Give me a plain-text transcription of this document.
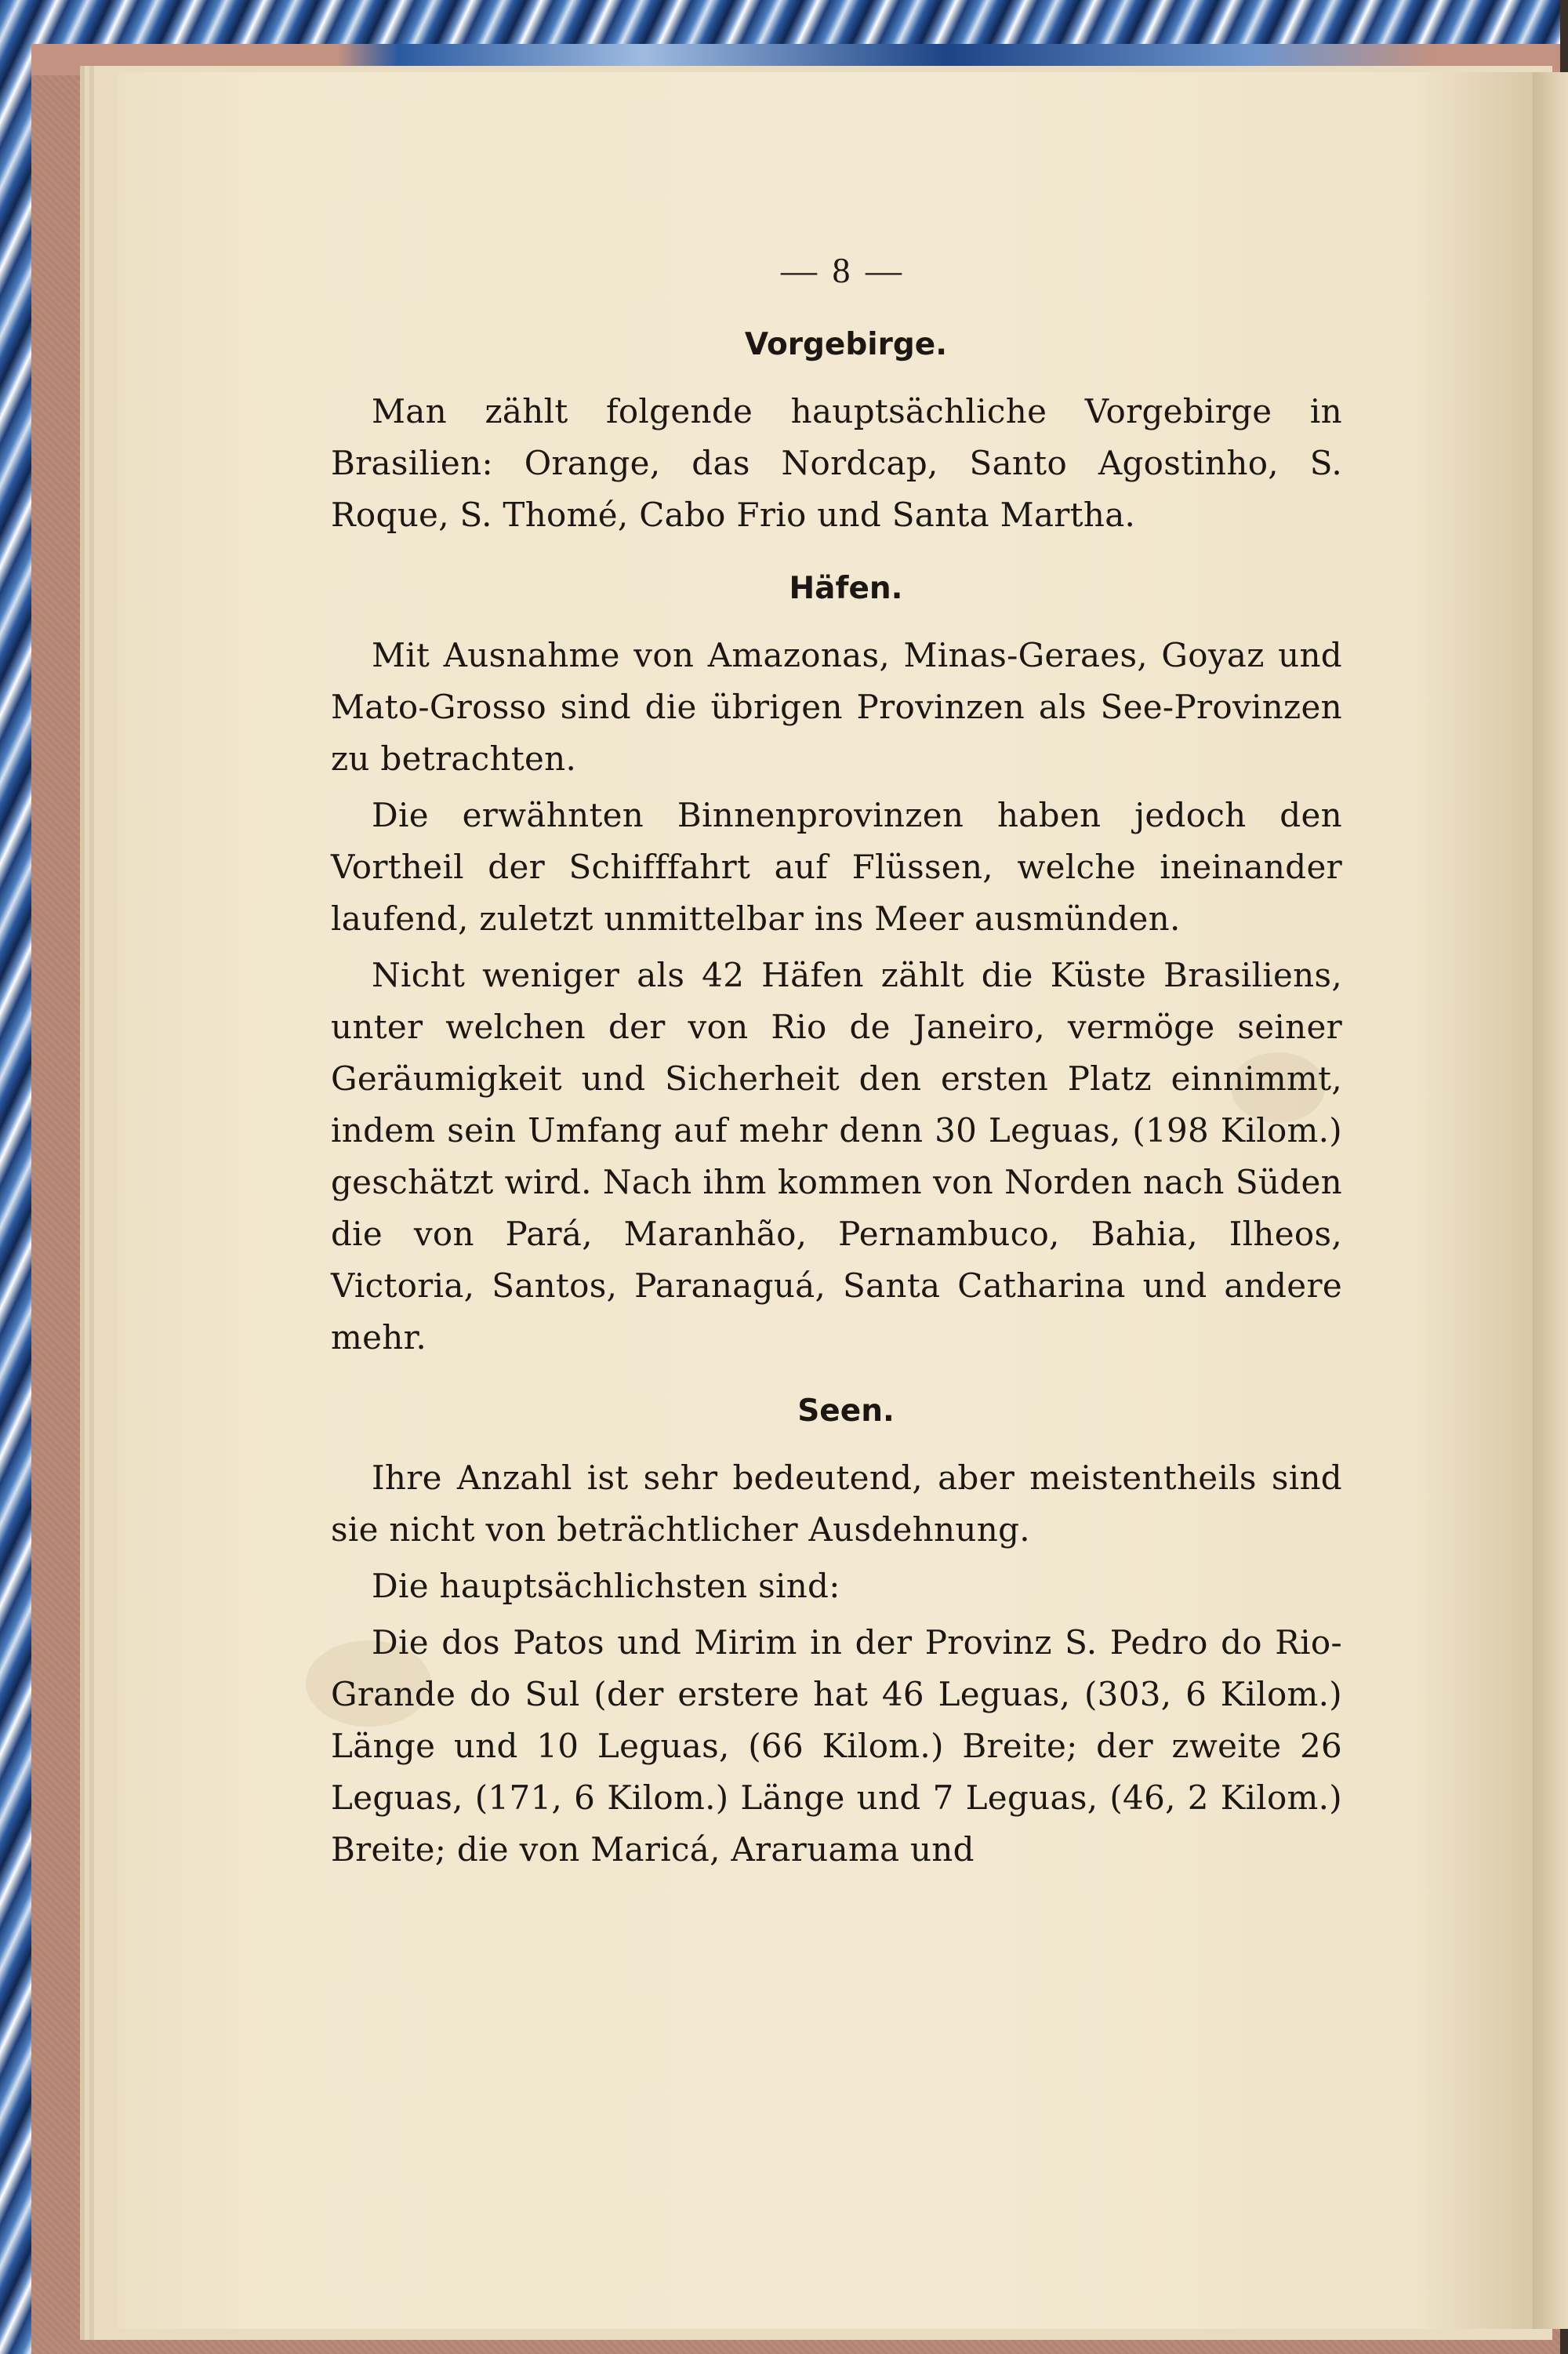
— 8 —
Vorgebirge.

Man zählt folgende hauptsächliche Vorgebirge in Brasilien: Orange, das Nordcap, Santo Agostinho, S. Roque, S. Thomé, Cabo Frio und Santa Martha.

Häfen.

Mit Ausnahme von Amazonas, Minas-Geraes, Goyaz und Mato-Grosso sind die übrigen Provinzen als See-Provinzen zu betrachten.

Die erwähnten Binnenprovinzen haben jedoch den Vortheil der Schifffahrt auf Flüssen, welche ineinander laufend, zuletzt unmittelbar ins Meer ausmünden.

Nicht weniger als 42 Häfen zählt die Küste Brasiliens, unter welchen der von Rio de Janeiro, vermöge seiner Geräumigkeit und Sicherheit den ersten Platz einnimmt, indem sein Umfang auf mehr denn 30 Leguas, (198 Kilom.) geschätzt wird. Nach ihm kommen von Norden nach Süden die von Pará, Maranhão, Pernambuco, Bahia, Ilheos, Victoria, Santos, Paranaguá, Santa Catharina und andere mehr.

Seen.

Ihre Anzahl ist sehr bedeutend, aber meistentheils sind sie nicht von beträchtlicher Ausdehnung.

Die hauptsächlichsten sind:

Die dos Patos und Mirim in der Provinz S. Pedro do Rio-Grande do Sul (der erstere hat 46 Leguas, (303, 6 Kilom.) Länge und 10 Leguas, (66 Kilom.) Breite; der zweite 26 Leguas, (171, 6 Kilom.) Länge und 7 Leguas, (46, 2 Kilom.) Breite; die von Maricá, Araruama und
